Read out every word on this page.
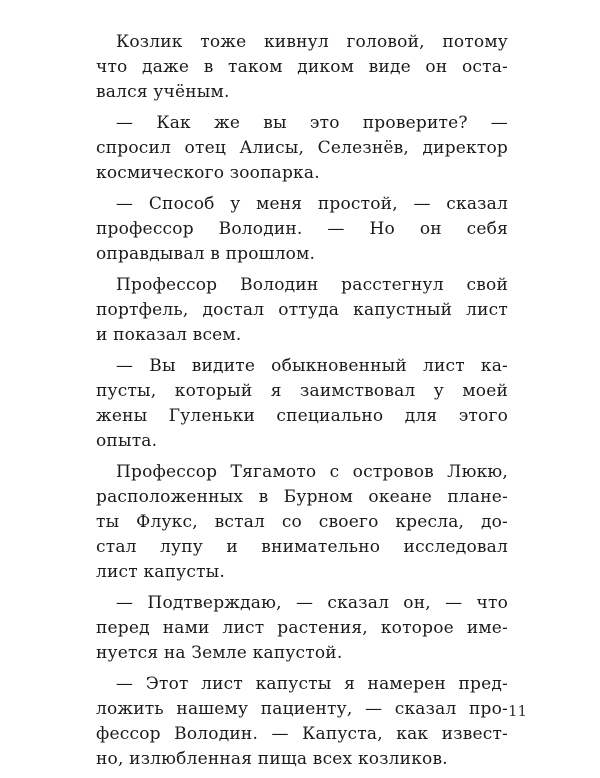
Козлик тоже кивнул головой, потому
что даже в таком диком виде он оста-
вался учёным.

— Как же вы это проверите? —
спросил отец Алисы, Селезнёв, директор
космического зоопарка.

— Способ у меня простой, — сказал
профессор Володин. — Но он себя
оправдывал в прошлом.

Профессор Володин расстегнул свой
портфель, достал оттуда капустный лист
и показал всем.

— Вы видите обыкновенный лист ка-
пусты, который я заимствовал у моей
жены Гуленьки специально для этого
опыта.

Профессор Тягамото с островов Люкю,
расположенных в Бурном океане плане-
ты Флукс, встал со своего кресла, до-
стал лупу и внимательно исследовал
лист капусты.

— Подтверждаю, — сказал он, — что
перед нами лист растения, которое име-
нуется на Земле капустой.

— Этот лист капусты я намерен пред-
ложить нашему пациенту, — сказал про-
фессор Володин. — Капуста, как извест-
но, излюбленная пища всех козликов.

11
